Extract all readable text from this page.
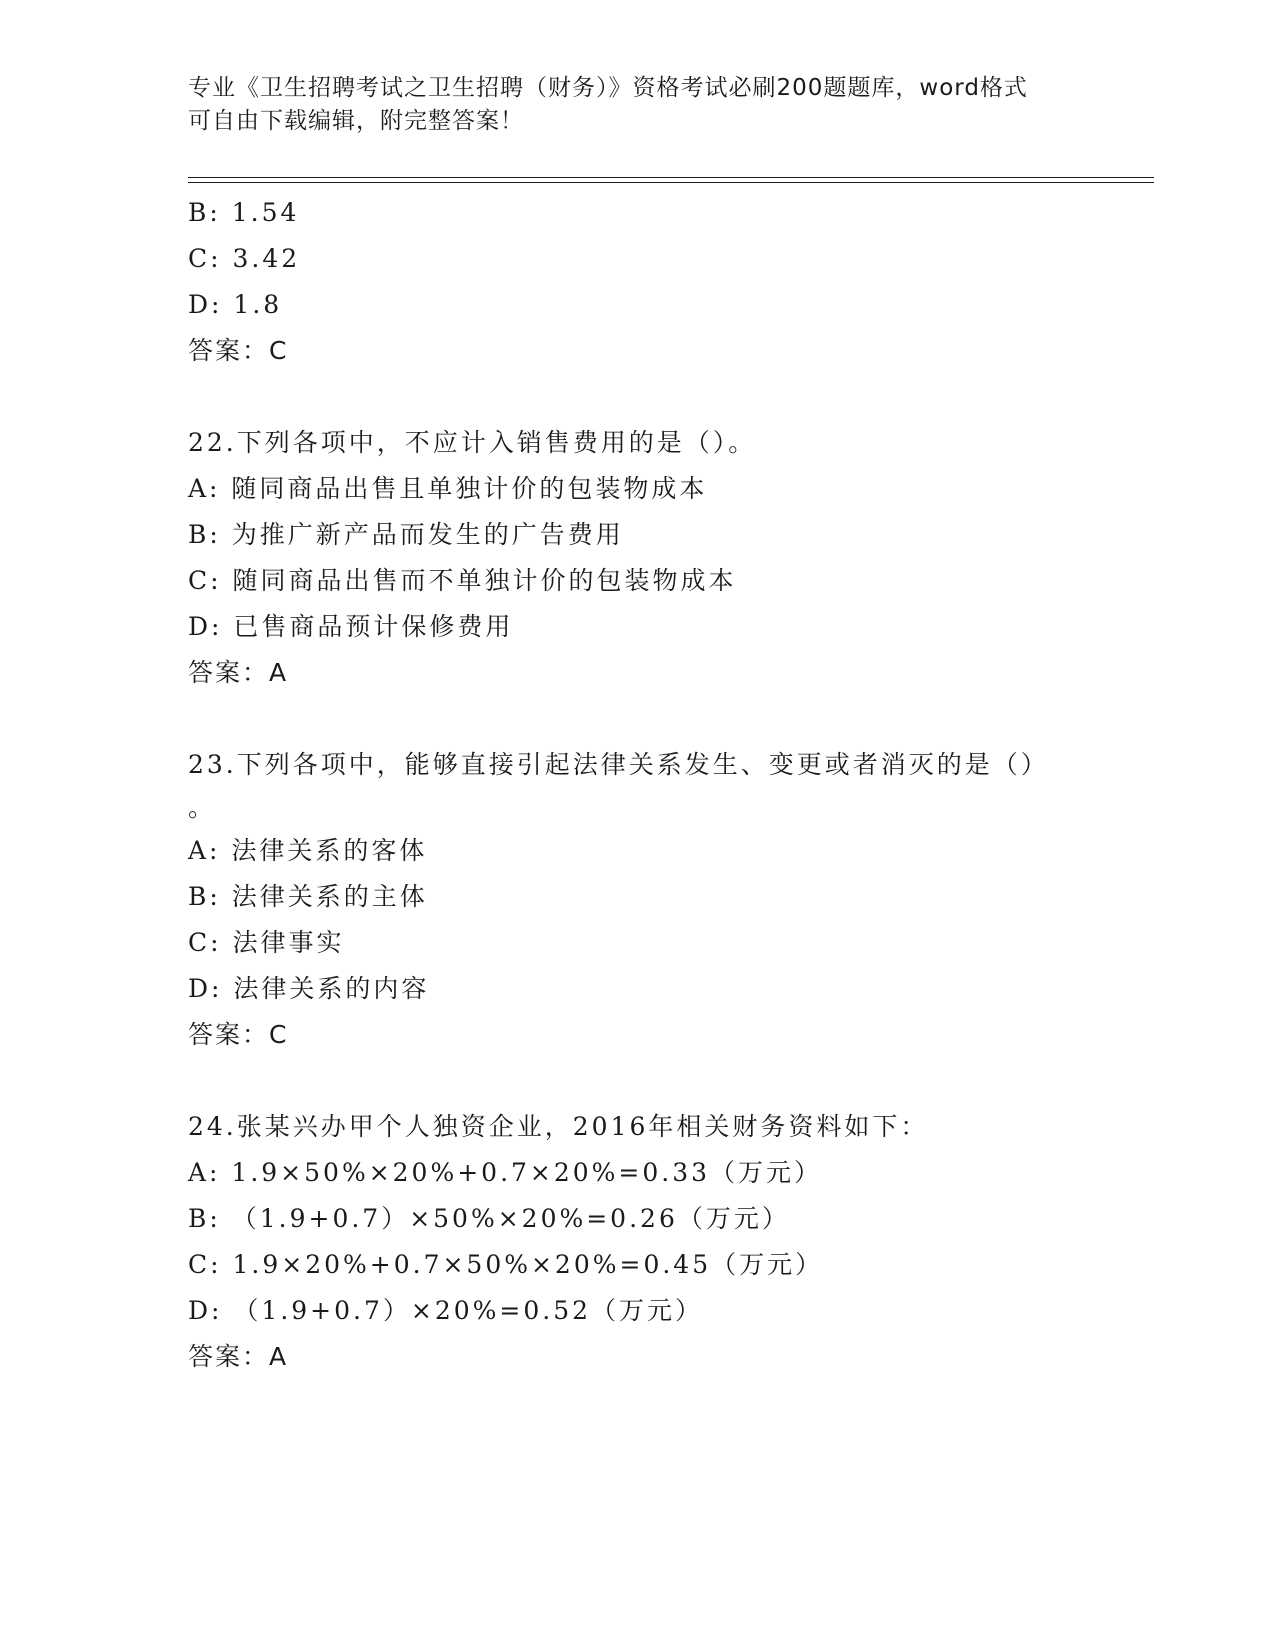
专业《卫生招聘考试之卫生招聘（财务）》资格考试必刷200题题库，word格式
可自由下载编辑，附完整答案！
B: 1.54
C: 3.42
D: 1.8
答案：C
22.下列各项中，不应计入销售费用的是（）。
A: 随同商品出售且单独计价的包装物成本
B: 为推广新产品而发生的广告费用
C: 随同商品出售而不单独计价的包装物成本
D: 已售商品预计保修费用
答案：A
23.下列各项中，能够直接引起法律关系发生、变更或者消灭的是（）
。
A: 法律关系的客体
B: 法律关系的主体
C: 法律事实
D: 法律关系的内容
答案：C
24.张某兴办甲个人独资企业，2016年相关财务资料如下：
A: 1.9×50%×20%+0.7×20%=0.33（万元）
B: （1.9+0.7）×50%×20%=0.26（万元）
C: 1.9×20%+0.7×50%×20%=0.45（万元）
D: （1.9+0.7）×20%=0.52（万元）
答案：A
